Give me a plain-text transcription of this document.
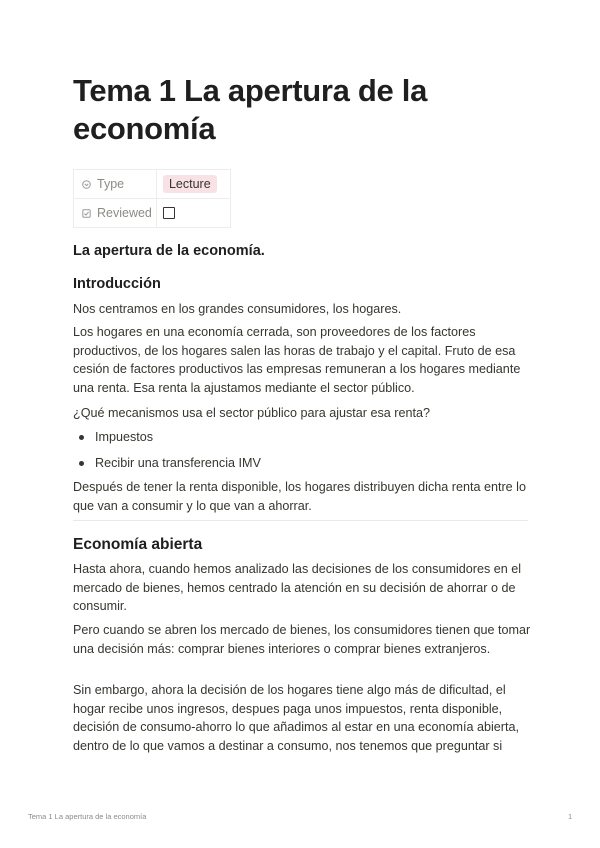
Tema 1 La apertura de la economía
Type	Lecture
Reviewed	
La apertura de la economía.
Introducción

Nos centramos en los grandes consumidores, los hogares.

Los hogares en una economía cerrada, son proveedores de los factores productivos, de los hogares salen las horas de trabajo y el capital. Fruto de esa cesión de factores productivos las empresas remuneran a los hogares mediante una renta. Esa renta la ajustamos mediante el sector público.

¿Qué mecanismos usa el sector público para ajustar esa renta?

Impuestos

Recibir una transferencia IMV

Después de tener la renta disponible, los hogares distribuyen dicha renta entre lo que van a consumir y lo que van a ahorrar.

Economía abierta

Hasta ahora, cuando hemos analizado las decisiones de los consumidores en el mercado de bienes, hemos centrado la atención en su decisión de ahorrar o de consumir.

Pero cuando se abren los mercado de bienes, los consumidores tienen que tomar una decisión más: comprar bienes interiores o comprar bienes extranjeros.

Sin embargo, ahora la decisión de los hogares tiene algo más de dificultad, el hogar recibe unos ingresos, despues paga unos impuestos, renta disponible, decisión de consumo-ahorro lo que añadimos al estar en una economía abierta, dentro de lo que vamos a destinar a consumo, nos tenemos que preguntar si

Tema 1 La apertura de la economía	1
